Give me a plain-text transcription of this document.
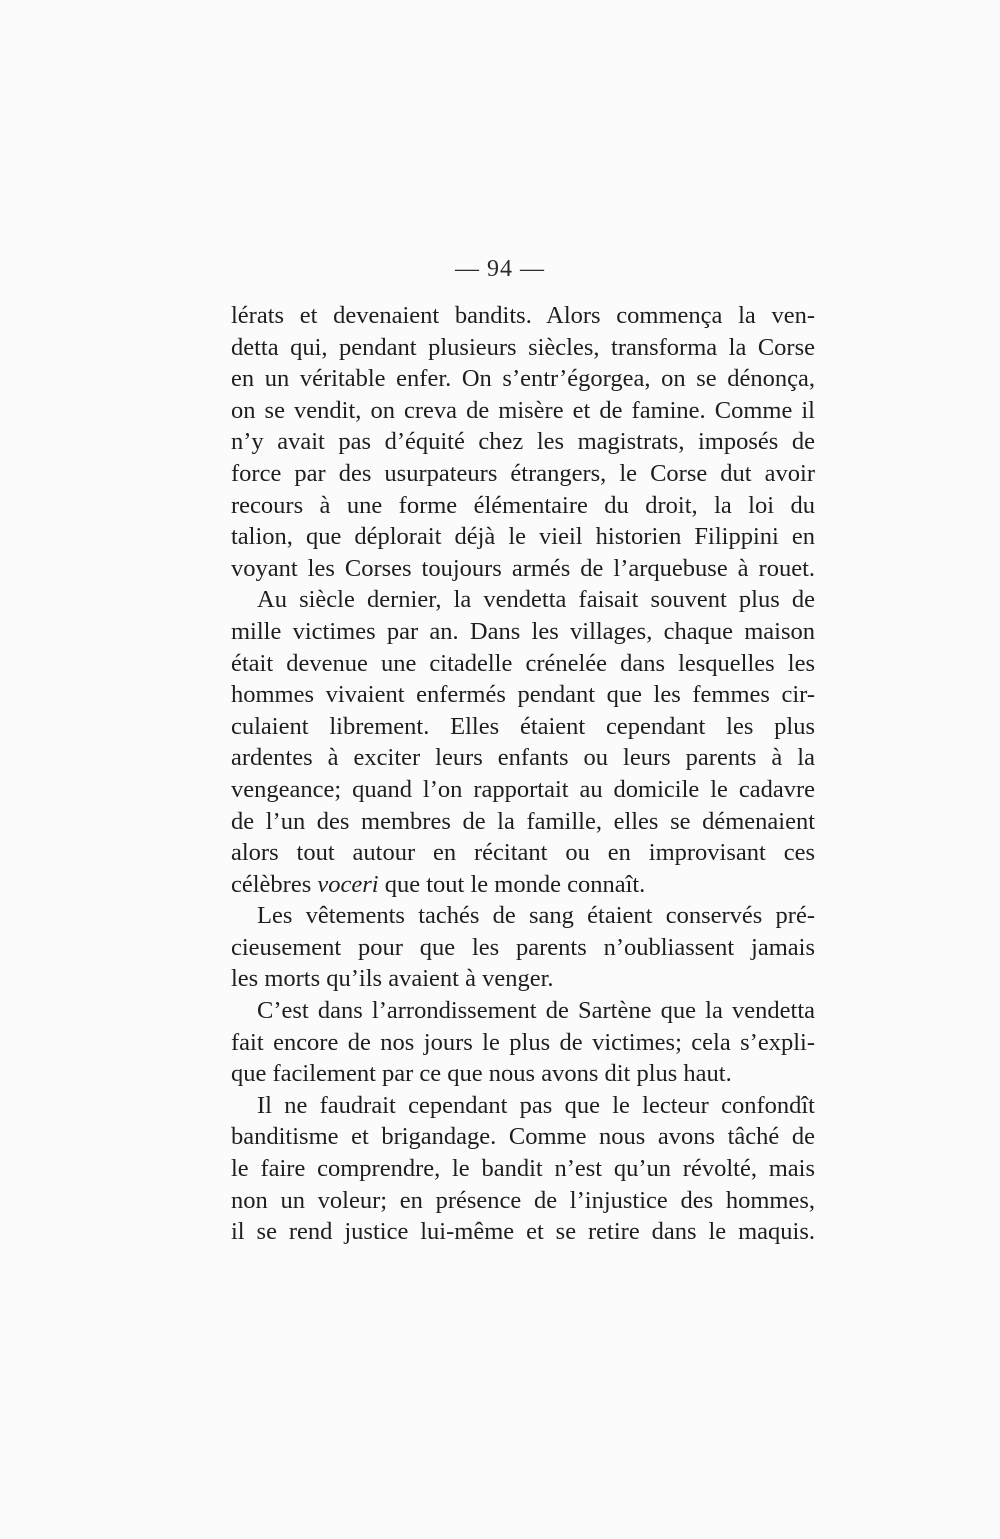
— 94 —
lérats et devenaient bandits. Alors commença la ven-
detta qui, pendant plusieurs siècles, transforma la Corse
en un véritable enfer. On s’entr’égorgea, on se dénonça,
on se vendit, on creva de misère et de famine. Comme il
n’y avait pas d’équité chez les magistrats, imposés de
force par des usurpateurs étrangers, le Corse dut avoir
recours à une forme élémentaire du droit, la loi du
talion, que déplorait déjà le vieil historien Filippini en
voyant les Corses toujours armés de l’arquebuse à rouet.
Au siècle dernier, la vendetta faisait souvent plus de
mille victimes par an. Dans les villages, chaque maison
était devenue une citadelle crénelée dans lesquelles les
hommes vivaient enfermés pendant que les femmes cir-
culaient librement. Elles étaient cependant les plus
ardentes à exciter leurs enfants ou leurs parents à la
vengeance; quand l’on rapportait au domicile le cadavre
de l’un des membres de la famille, elles se démenaient
alors tout autour en récitant ou en improvisant ces
célèbres voceri que tout le monde connaît.
Les vêtements tachés de sang étaient conservés pré-
cieusement pour que les parents n’oubliassent jamais
les morts qu’ils avaient à venger.
C’est dans l’arrondissement de Sartène que la vendetta
fait encore de nos jours le plus de victimes; cela s’expli-
que facilement par ce que nous avons dit plus haut.
Il ne faudrait cependant pas que le lecteur confondît
banditisme et brigandage. Comme nous avons tâché de
le faire comprendre, le bandit n’est qu’un révolté, mais
non un voleur; en présence de l’injustice des hommes,
il se rend justice lui-même et se retire dans le maquis.
